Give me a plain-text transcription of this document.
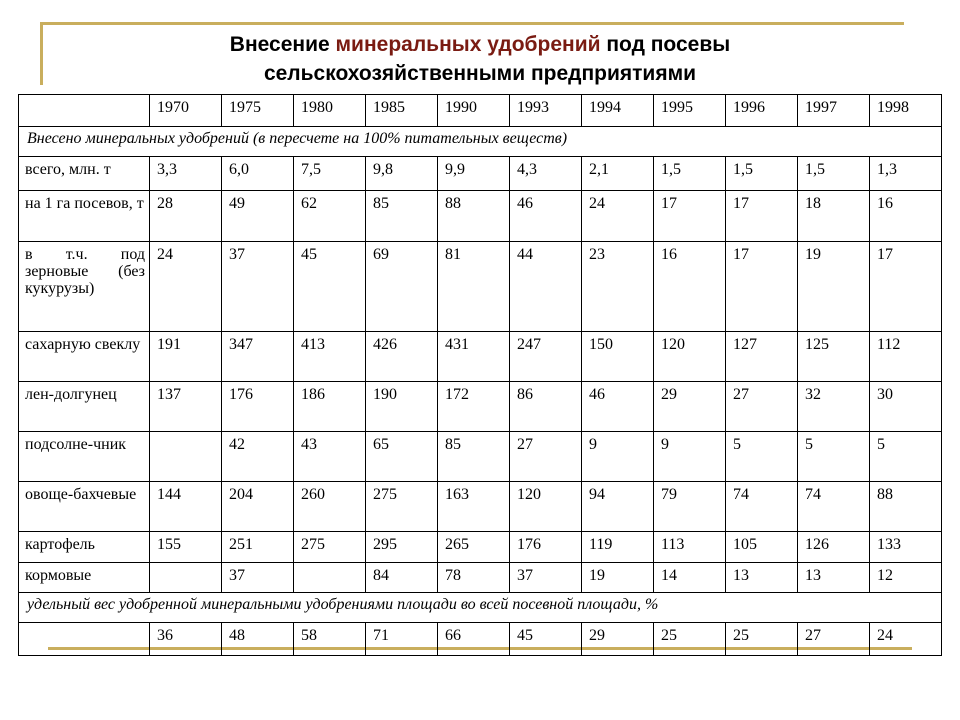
Внесение минеральных удобрений под посевы
сельскохозяйственными предприятиями
	1970	1975	1980	1985	1990	1993	1994	1995	1996	1997	1998
Внесено минеральных удобрений (в пересчете на 100% питательных веществ)											
всего, млн. т	3,3	6,0	7,5	9,8	9,9	4,3	2,1	1,5	1,5	1,5	1,3
на 1 га посевов, т	28	49	62	85	88	46	24	17	17	18	16
в т.ч. под зерновые (без кукурузы)	24	37	45	69	81	44	23	16	17	19	17
сахарную свеклу	191	347	413	426	431	247	150	120	127	125	112
лен-долгунец	137	176	186	190	172	86	46	29	27	32	30
подсолне-чник		42	43	65	85	27	9	9	5	5	5
овоще-бахчевые	144	204	260	275	163	120	94	79	74	74	88
картофель	155	251	275	295	265	176	119	113	105	126	133
кормовые		37		84	78	37	19	14	13	13	12
удельный вес удобренной минеральными удобрениями площади во всей посевной площади, %											
	36	48	58	71	66	45	29	25	25	27	24
